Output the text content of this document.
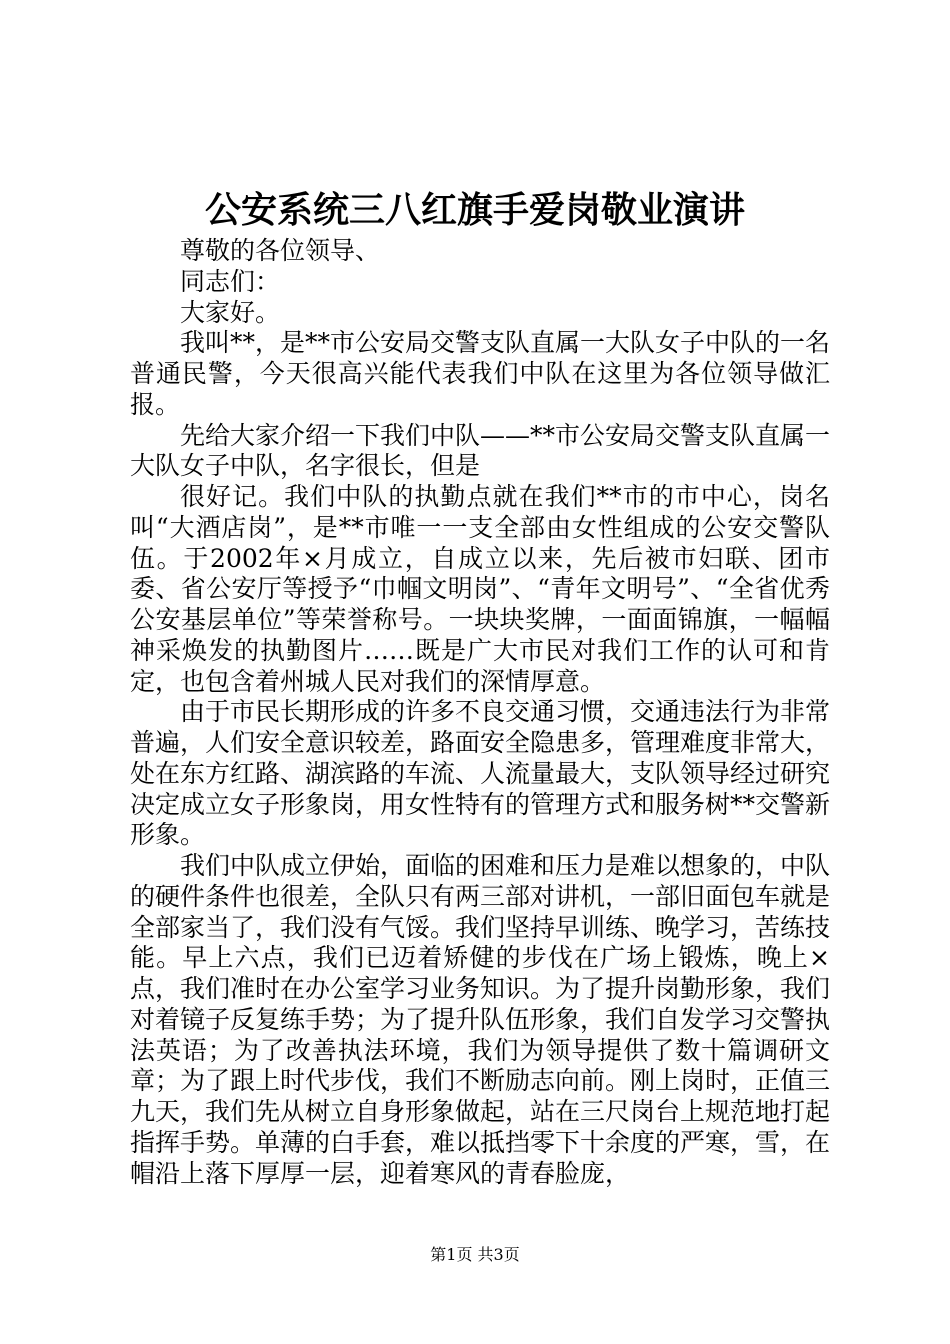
公安系统三八红旗手爱岗敬业演讲

尊敬的各位领导、

同志们：

大家好。

我叫**，是**市公安局交警支队直属一大队女子中队的一名普通民警，今天很高兴能代表我们中队在这里为各位领导做汇报。

先给大家介绍一下我们中队——**市公安局交警支队直属一大队女子中队，名字很长，但是

很好记。我们中队的执勤点就在我们**市的市中心，岗名叫“大酒店岗”，是**市唯一一支全部由女性组成的公安交警队伍。于2002年×月成立，自成立以来，先后被市妇联、团市委、省公安厅等授予“巾帼文明岗”、“青年文明号”、“全省优秀公安基层单位”等荣誉称号。一块块奖牌，一面面锦旗，一幅幅神采焕发的执勤图片……既是广大市民对我们工作的认可和肯定，也包含着州城人民对我们的深情厚意。

由于市民长期形成的许多不良交通习惯，交通违法行为非常普遍，人们安全意识较差，路面安全隐患多，管理难度非常大，处在东方红路、湖滨路的车流、人流量最大，支队领导经过研究决定成立女子形象岗，用女性特有的管理方式和服务树**交警新形象。

我们中队成立伊始，面临的困难和压力是难以想象的，中队的硬件条件也很差，全队只有两三部对讲机，一部旧面包车就是全部家当了，我们没有气馁。我们坚持早训练、晚学习，苦练技能。早上六点，我们已迈着矫健的步伐在广场上锻炼，晚上×点，我们准时在办公室学习业务知识。为了提升岗勤形象，我们对着镜子反复练手势；为了提升队伍形象，我们自发学习交警执法英语；为了改善执法环境，我们为领导提供了数十篇调研文章；为了跟上时代步伐，我们不断励志向前。刚上岗时，正值三九天，我们先从树立自身形象做起，站在三尺岗台上规范地打起指挥手势。单薄的白手套，难以抵挡零下十余度的严寒，雪，在帽沿上落下厚厚一层，迎着寒风的青春脸庞，

第1页 共3页
